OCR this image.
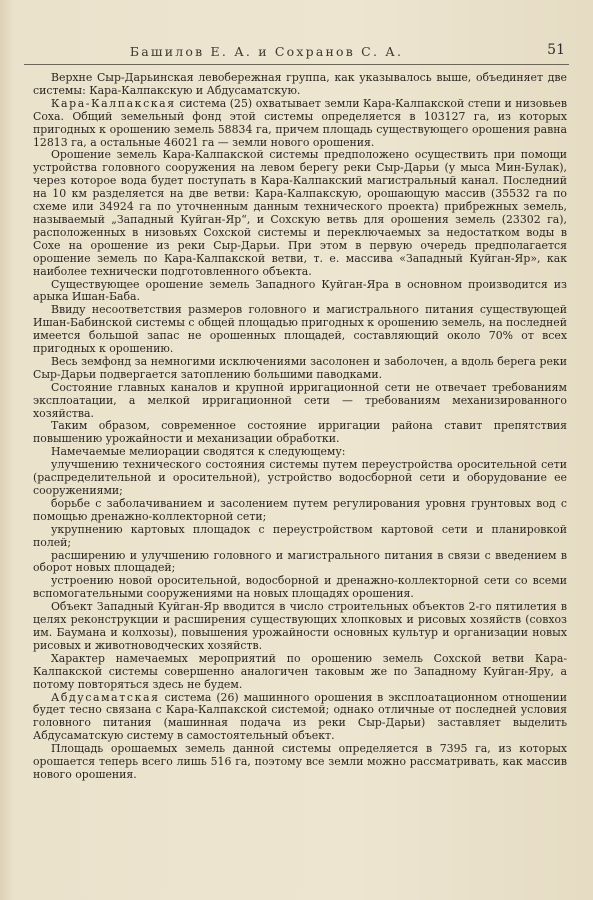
Башилов Е. А. и Сохранов С. А.	51

Верхне Сыр-Дарьинская левобережная группа, как указывалось выше, объединяет две системы: Кара-Калпакскую и Абдусаматскую.

Кара-Калпакская система (25) охватывает земли Кара-Калпакской степи и низовьев Соха. Общий земельный фонд этой системы определяется в 103127 га, из которых пригодных к орошению земель 58834 га, причем площадь существующего орошения равна 12813 га, а остальные 46021 га — земли нового орошения.

Орошение земель Кара-Калпакской системы предположено осуществить при помощи устройства головного сооружения на левом берегу реки Сыр-Дарьи (у мыса Мин-Булак), через которое вода будет поступать в Кара-Калпакский магистральный канал. Последний на 10 км разделяется на две ветви: Кара-Калпакскую, орошающую массив (35532 га по схеме или 34924 га по уточненным данным технического проекта) прибрежных земель, называемый „Западный Куйган-Яр“, и Сохскую ветвь для орошения земель (23302 га), расположенных в низовьях Сохской системы и переключаемых за недостатком воды в Сохе на орошение из реки Сыр-Дарьи. При этом в первую очередь предполагается орошение земель по Кара-Калпакской ветви, т. е. массива «Западный Куйган-Яр», как наиболее технически подготовленного объекта.

Существующее орошение земель Западного Куйган-Яра в основном производится из арыка Ишан-Баба.

Ввиду несоответствия размеров головного и магистрального питания существующей Ишан-Бабинской системы с общей площадью пригодных к орошению земель, на последней имеется большой запас не орошенных площадей, составляющий около 70% от всех пригодных к орошению.

Весь земфонд за немногими исключениями засолонен и заболочен, а вдоль берега реки Сыр-Дарьи подвергается затоплению большими паводками.

Состояние главных каналов и крупной ирригационной сети не отвечает требованиям эксплоатации, а мелкой ирригационной сети — требованиям механизированного хозяйства.

Таким образом, современное состояние ирригации района ставит препятствия повышению урожайности и механизации обработки.

Намечаемые мелиорации сводятся к следующему:

улучшению технического состояния системы путем переустройства оросительной сети (распределительной и оросительной), устройство водосборной сети и оборудование ее сооружениями;

борьбе с заболачиванием и засолением путем регулирования уровня грунтовых вод с помощью дренажно-коллекторной сети;

укрупнению картовых площадок с переустройством картовой сети и планировкой полей;

расширению и улучшению головного и магистрального питания в связи с введением в оборот новых площадей;

устроению новой оросительной, водосборной и дренажно-коллекторной сети со всеми вспомогательными сооружениями на новых площадях орошения.

Объект Западный Куйган-Яр вводится в число строительных объектов 2-го пятилетия в целях реконструкции и расширения существующих хлопковых и рисовых хозяйств (совхоз им. Баумана и колхозы), повышения урожайности основных культур и организации новых рисовых и животноводческих хозяйств.

Характер намечаемых мероприятий по орошению земель Сохской ветви Кара-Калпакской системы совершенно аналогичен таковым же по Западному Куйган-Яру, а потому повторяться здесь не будем.

Абдусаматская система (26) машинного орошения в эксплоатационном отношении будет тесно связана с Кара-Калпакской системой; однако отличные от последней условия головного питания (машинная подача из реки Сыр-Дарьи) заставляет выделить Абдусаматскую систему в самостоятельный объект.

Площадь орошаемых земель данной системы определяется в 7395 га, из которых орошается теперь всего лишь 516 га, поэтому все земли можно рассматривать, как массив нового орошения.
